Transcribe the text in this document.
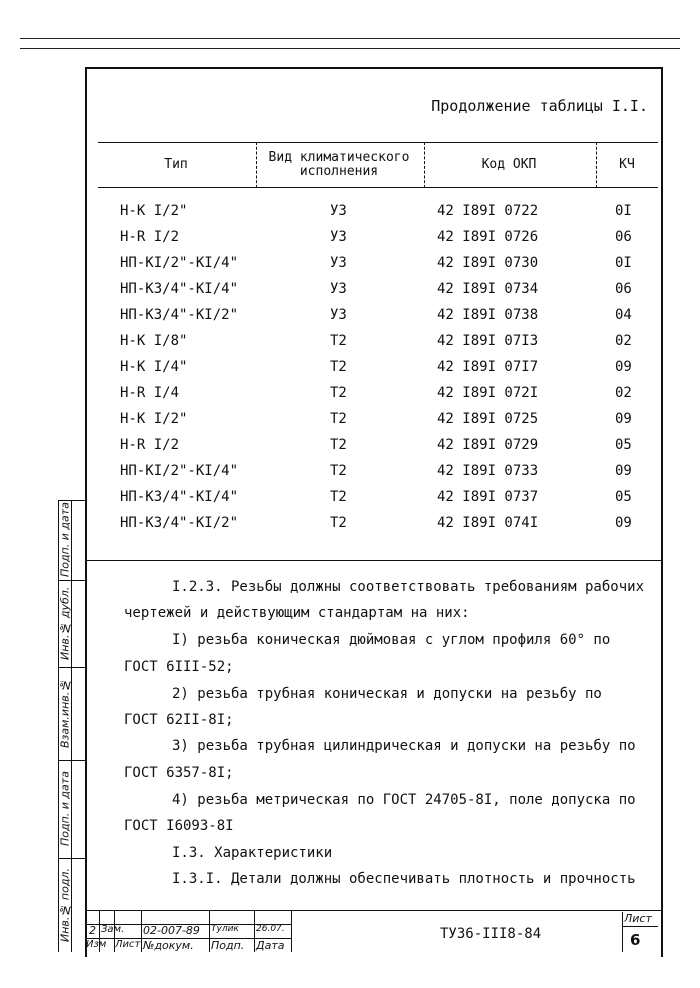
Подп. и дата
Инв.№ дубл.
Взам.инв.№
Подп. и дата
Инв.№ подл.
Продолжение таблицы I.I.
Тип	Вид климатического исполнения	Код ОКП	КЧ
Н-К I/2"	У3	42 I89I 0722	0I
Н-R I/2	У3	42 I89I 0726	06
НП-КI/2"-КI/4"	У3	42 I89I 0730	0I
НП-К3/4"-КI/4"	У3	42 I89I 0734	06
НП-К3/4"-КI/2"	У3	42 I89I 0738	04
Н-К I/8"	Т2	42 I89I 07I3	02
Н-К I/4"	Т2	42 I89I 07I7	09
Н-R I/4	Т2	42 I89I 072I	02
Н-К I/2"	Т2	42 I89I 0725	09
Н-R I/2	Т2	42 I89I 0729	05
НП-КI/2"-КI/4"	Т2	42 I89I 0733	09
НП-К3/4"-КI/4"	Т2	42 I89I 0737	05
НП-К3/4"-КI/2"	Т2	42 I89I 074I	09
I.2.3. Резьбы должны соответствовать требованиям рабочих
чертежей и действующим стандартам на них:
I) резьба коническая дюймовая с углом профиля 60° по
ГОСТ 6III-52;
2) резьба трубная коническая и допуски на резьбу по
ГОСТ 62II-8I;
3) резьба трубная цилиндрическая и допуски на резьбу по
ГОСТ 6357-8I;
4) резьба метрическая по ГОСТ 24705-8I, поле допуска по
ГОСТ I6093-8I
I.3. Характеристики
I.3.I. Детали должны обеспечивать плотность и прочность
2 Зам. 02-007-89 Тулик 26.07.
Изм Лист №докум. Подп. Дата
ТУ36-III8-84
Лист
6
